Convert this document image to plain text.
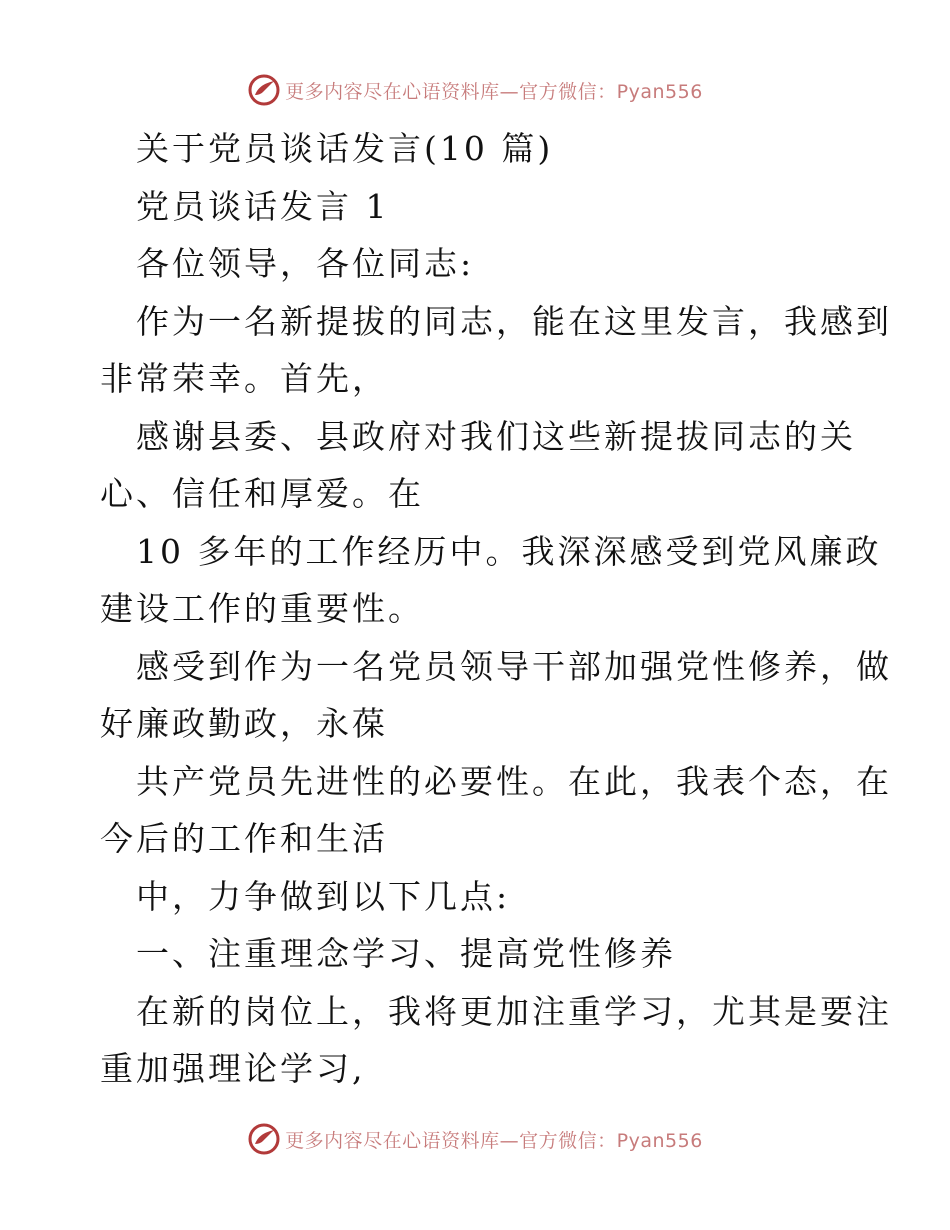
更多内容尽在心语资料库—官方微信：Pyan556
关于党员谈话发言(10 篇)
党员谈话发言 1
各位领导，各位同志:
作为一名新提拔的同志，能在这里发言，我感到
非常荣幸。首先，
感谢县委、县政府对我们这些新提拔同志的关
心、信任和厚爱。在
10 多年的工作经历中。我深深感受到党风廉政
建设工作的重要性。
感受到作为一名党员领导干部加强党性修养，做
好廉政勤政，永葆
共产党员先进性的必要性。在此，我表个态，在
今后的工作和生活
中，力争做到以下几点:
一、注重理念学习、提高党性修养
在新的岗位上，我将更加注重学习，尤其是要注
重加强理论学习,
更多内容尽在心语资料库—官方微信：Pyan556
